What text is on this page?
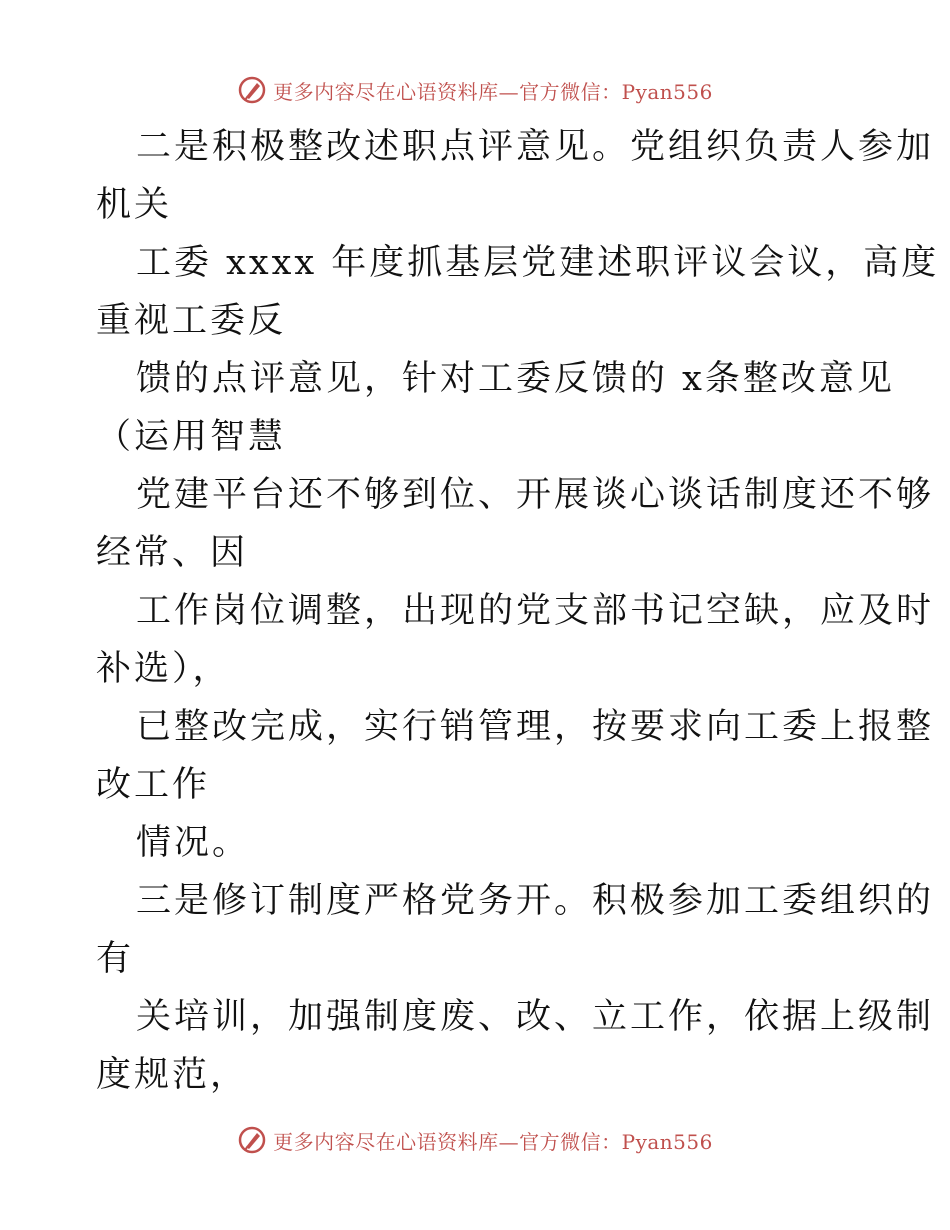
更多内容尽在心语资料库—官方微信：Pyan556
二是积极整改述职点评意见。党组织负责人参加
机关
工委 xxxx 年度抓基层党建述职评议会议，高度
重视工委反
馈的点评意见，针对工委反馈的 x条整改意见
（运用智慧
党建平台还不够到位、开展谈心谈话制度还不够
经常、因
工作岗位调整，出现的党支部书记空缺，应及时
补选），
已整改完成，实行销管理，按要求向工委上报整
改工作
情况。
三是修订制度严格党务开。积极参加工委组织的
有
关培训，加强制度废、改、立工作，依据上级制
度规范，
更多内容尽在心语资料库—官方微信：Pyan556
